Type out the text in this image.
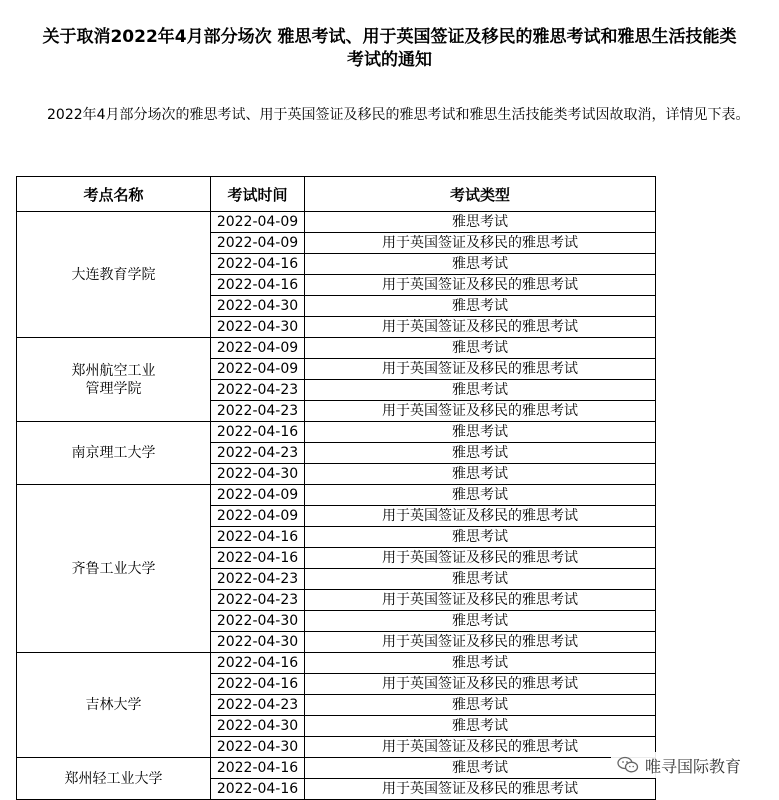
关于取消2022年4月部分场次 雅思考试、用于英国签证及移民的雅思考试和雅思生活技能类
考试的通知

2022年4月部分场次的雅思考试、用于英国签证及移民的雅思考试和雅思生活技能类考试因故取消，详情见下表。

考点名称	考试时间	考试类型
大连教育学院	2022-04-09	雅思考试
	2022-04-09	用于英国签证及移民的雅思考试
	2022-04-16	雅思考试
	2022-04-16	用于英国签证及移民的雅思考试
	2022-04-30	雅思考试
	2022-04-30	用于英国签证及移民的雅思考试
郑州航空工业
管理学院	2022-04-09	雅思考试
	2022-04-09	用于英国签证及移民的雅思考试
	2022-04-23	雅思考试
	2022-04-23	用于英国签证及移民的雅思考试
南京理工大学	2022-04-16	雅思考试
	2022-04-23	雅思考试
	2022-04-30	雅思考试
齐鲁工业大学	2022-04-09	雅思考试
	2022-04-09	用于英国签证及移民的雅思考试
	2022-04-16	雅思考试
	2022-04-16	用于英国签证及移民的雅思考试
	2022-04-23	雅思考试
	2022-04-23	用于英国签证及移民的雅思考试
	2022-04-30	雅思考试
	2022-04-30	用于英国签证及移民的雅思考试
吉林大学	2022-04-16	雅思考试
	2022-04-16	用于英国签证及移民的雅思考试
	2022-04-23	雅思考试
	2022-04-30	雅思考试
	2022-04-30	用于英国签证及移民的雅思考试
郑州轻工业大学	2022-04-16	雅思考试
	2022-04-16	用于英国签证及移民的雅思考试
唯寻国际教育
